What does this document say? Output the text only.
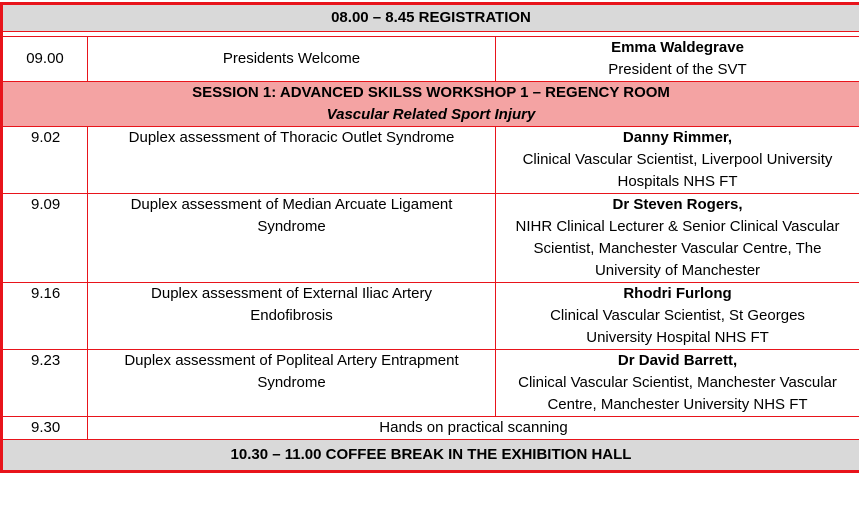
08.00 – 8.45 REGISTRATION		

09.00	Presidents Welcome	Emma Waldegrave
President of the SVT

SESSION 1: ADVANCED SKILSS WORKSHOP 1 – REGENCY ROOM
Vascular Related Sport Injury		

9.02	Duplex assessment of Thoracic Outlet Syndrome	Danny Rimmer,
Clinical Vascular Scientist, Liverpool University Hospitals NHS FT

9.09	Duplex assessment of Median Arcuate Ligament Syndrome	Dr Steven Rogers,
NIHR Clinical Lecturer & Senior Clinical Vascular Scientist, Manchester Vascular Centre, The University of Manchester

9.16	Duplex assessment of External Iliac Artery Endofibrosis	Rhodri Furlong
Clinical Vascular Scientist, St Georges University Hospital NHS FT

9.23	Duplex assessment of Popliteal Artery Entrapment Syndrome	Dr David Barrett,
Clinical Vascular Scientist, Manchester Vascular Centre, Manchester University NHS FT

9.30	Hands on practical scanning	
10.30 – 11.00 COFFEE BREAK IN THE EXHIBITION HALL		
